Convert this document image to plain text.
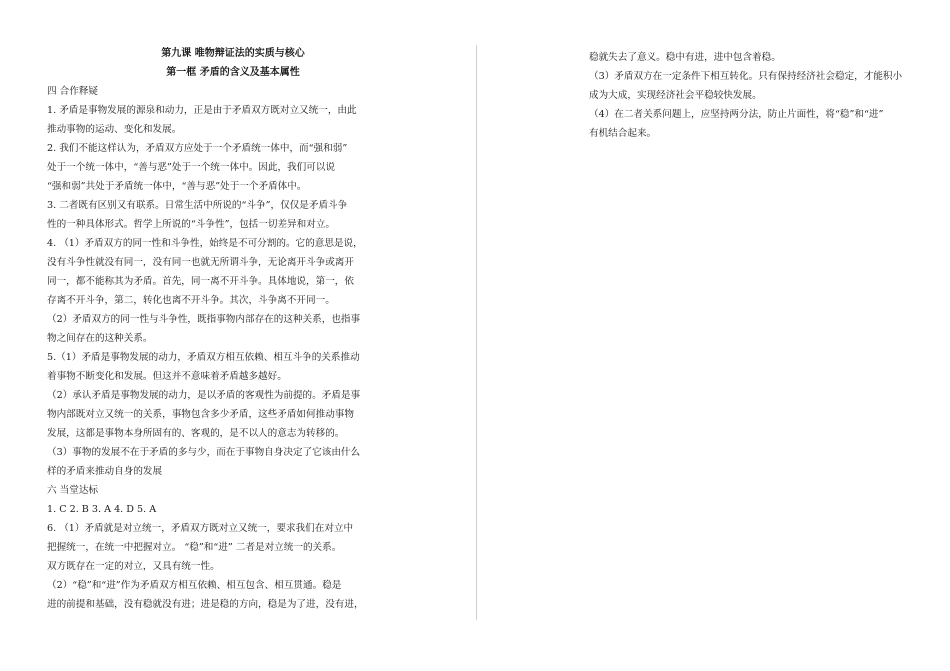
第九课 唯物辩证法的实质与核心
第一框 矛盾的含义及基本属性
四 合作释疑
1. 矛盾是事物发展的源泉和动力，正是由于矛盾双方既对立又统一，由此
推动事物的运动、变化和发展。
2. 我们不能这样认为，矛盾双方应处于一个矛盾统一体中，而“强和弱”
处于一个统一体中，“善与恶”处于一个统一体中。因此，我们可以说
“强和弱”共处于矛盾统一体中，“善与恶”处于一个矛盾体中。
3. 二者既有区别又有联系。日常生活中所说的“斗争”，仅仅是矛盾斗争
性的一种具体形式。哲学上所说的“斗争性”，包括一切差异和对立。
4. （1）矛盾双方的同一性和斗争性，始终是不可分割的。它的意思是说，
没有斗争性就没有同一，没有同一也就无所谓斗争，无论离开斗争或离开
同一，都不能称其为矛盾。首先，同一离不开斗争。具体地说，第一，依
存离不开斗争，第二，转化也离不开斗争。其次，斗争离不开同一。
（2）矛盾双方的同一性与斗争性，既指事物内部存在的这种关系，也指事
物之间存在的这种关系。
5.（1）矛盾是事物发展的动力，矛盾双方相互依赖、相互斗争的关系推动
着事物不断变化和发展。但这并不意味着矛盾越多越好。
（2）承认矛盾是事物发展的动力，是以矛盾的客观性为前提的。矛盾是事
物内部既对立又统一的关系，事物包含多少矛盾，这些矛盾如何推动事物
发展，这都是事物本身所固有的、客观的，是不以人的意志为转移的。
（3）事物的发展不在于矛盾的多与少，而在于事物自身决定了它该由什么
样的矛盾来推动自身的发展
六 当堂达标
1. C 2. B 3. A 4. D 5. A
6. （1）矛盾就是对立统一，矛盾双方既对立又统一，要求我们在对立中
把握统一，在统一中把握对立。 “稳”和“进” 二者是对立统一的关系。
双方既存在一定的对立，又具有统一性。
（2）“稳”和“进”作为矛盾双方相互依赖、相互包含、相互贯通。稳是
进的前提和基础，没有稳就没有进；进是稳的方向，稳是为了进，没有进，
稳就失去了意义。稳中有进，进中包含着稳。
（3）矛盾双方在一定条件下相互转化。只有保持经济社会稳定，才能积小
成为大成，实现经济社会平稳较快发展。
（4）在二者关系问题上，应坚持两分法，防止片面性，将“稳”和“进”
有机结合起来。
